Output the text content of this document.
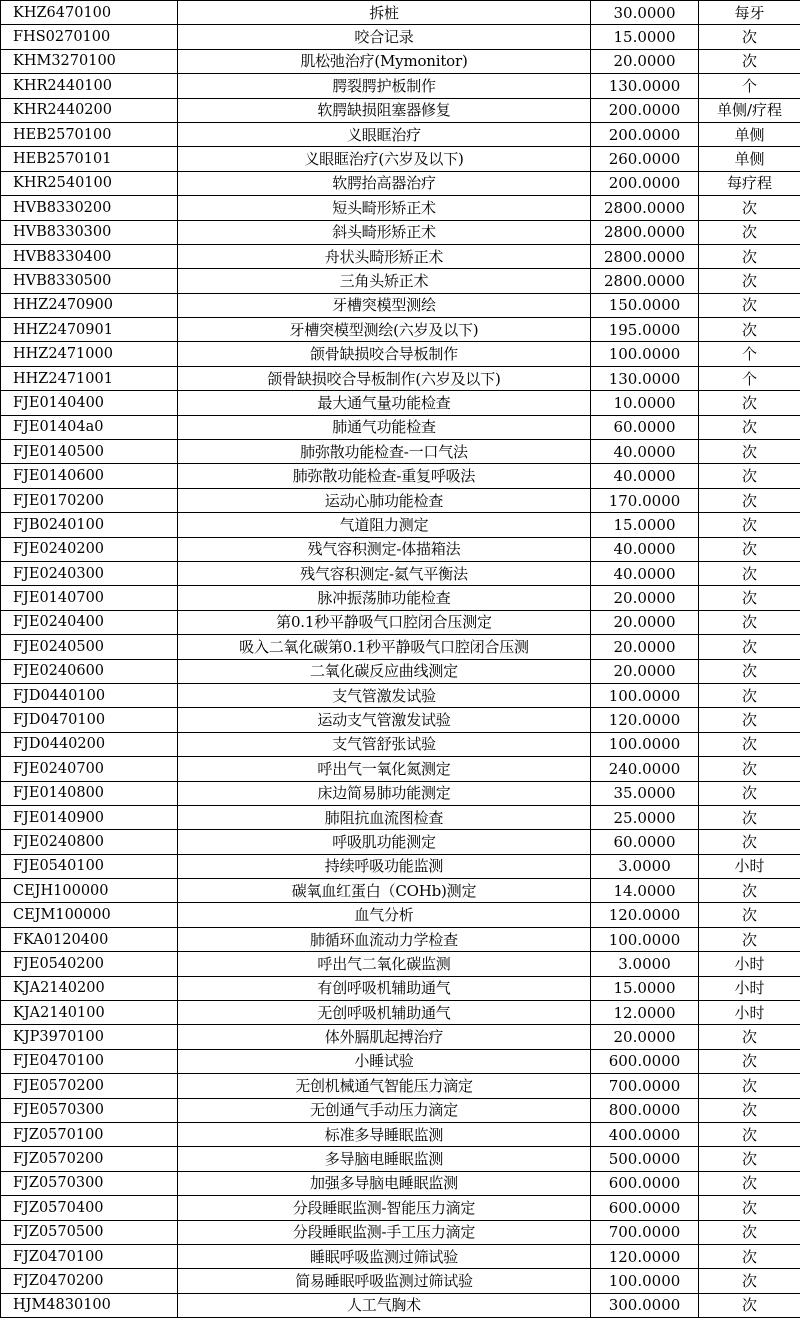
KHZ6470100	拆桩	30.0000	每牙
FHS0270100	咬合记录	15.0000	次
KHM3270100	肌松弛治疗(Mymonitor)	20.0000	次
KHR2440100	腭裂腭护板制作	130.0000	个
KHR2440200	软腭缺损阻塞器修复	200.0000	单侧/疗程
HEB2570100	义眼眶治疗	200.0000	单侧
HEB2570101	义眼眶治疗(六岁及以下)	260.0000	单侧
KHR2540100	软腭抬高器治疗	200.0000	每疗程
HVB8330200	短头畸形矫正术	2800.0000	次
HVB8330300	斜头畸形矫正术	2800.0000	次
HVB8330400	舟状头畸形矫正术	2800.0000	次
HVB8330500	三角头矫正术	2800.0000	次
HHZ2470900	牙槽突模型测绘	150.0000	次
HHZ2470901	牙槽突模型测绘(六岁及以下)	195.0000	次
HHZ2471000	颌骨缺损咬合导板制作	100.0000	个
HHZ2471001	颌骨缺损咬合导板制作(六岁及以下)	130.0000	个
FJE0140400	最大通气量功能检查	10.0000	次
FJE01404a0	肺通气功能检查	60.0000	次
FJE0140500	肺弥散功能检查-一口气法	40.0000	次
FJE0140600	肺弥散功能检查-重复呼吸法	40.0000	次
FJE0170200	运动心肺功能检查	170.0000	次
FJB0240100	气道阻力测定	15.0000	次
FJE0240200	残气容积测定-体描箱法	40.0000	次
FJE0240300	残气容积测定-氦气平衡法	40.0000	次
FJE0140700	脉冲振荡肺功能检查	20.0000	次
FJE0240400	第0.1秒平静吸气口腔闭合压测定	20.0000	次
FJE0240500	吸入二氧化碳第0.1秒平静吸气口腔闭合压测	20.0000	次
FJE0240600	二氧化碳反应曲线测定	20.0000	次
FJD0440100	支气管激发试验	100.0000	次
FJD0470100	运动支气管激发试验	120.0000	次
FJD0440200	支气管舒张试验	100.0000	次
FJE0240700	呼出气一氧化氮测定	240.0000	次
FJE0140800	床边简易肺功能测定	35.0000	次
FJE0140900	肺阻抗血流图检查	25.0000	次
FJE0240800	呼吸肌功能测定	60.0000	次
FJE0540100	持续呼吸功能监测	3.0000	小时
CEJH100000	碳氧血红蛋白（COHb)测定	14.0000	次
CEJM100000	血气分析	120.0000	次
FKA0120400	肺循环血流动力学检查	100.0000	次
FJE0540200	呼出气二氧化碳监测	3.0000	小时
KJA2140200	有创呼吸机辅助通气	15.0000	小时
KJA2140100	无创呼吸机辅助通气	12.0000	小时
KJP3970100	体外膈肌起搏治疗	20.0000	次
FJE0470100	小睡试验	600.0000	次
FJE0570200	无创机械通气智能压力滴定	700.0000	次
FJE0570300	无创通气手动压力滴定	800.0000	次
FJZ0570100	标准多导睡眠监测	400.0000	次
FJZ0570200	多导脑电睡眠监测	500.0000	次
FJZ0570300	加强多导脑电睡眠监测	600.0000	次
FJZ0570400	分段睡眠监测-智能压力滴定	600.0000	次
FJZ0570500	分段睡眠监测-手工压力滴定	700.0000	次
FJZ0470100	睡眠呼吸监测过筛试验	120.0000	次
FJZ0470200	简易睡眠呼吸监测过筛试验	100.0000	次
HJM4830100	人工气胸术	300.0000	次
